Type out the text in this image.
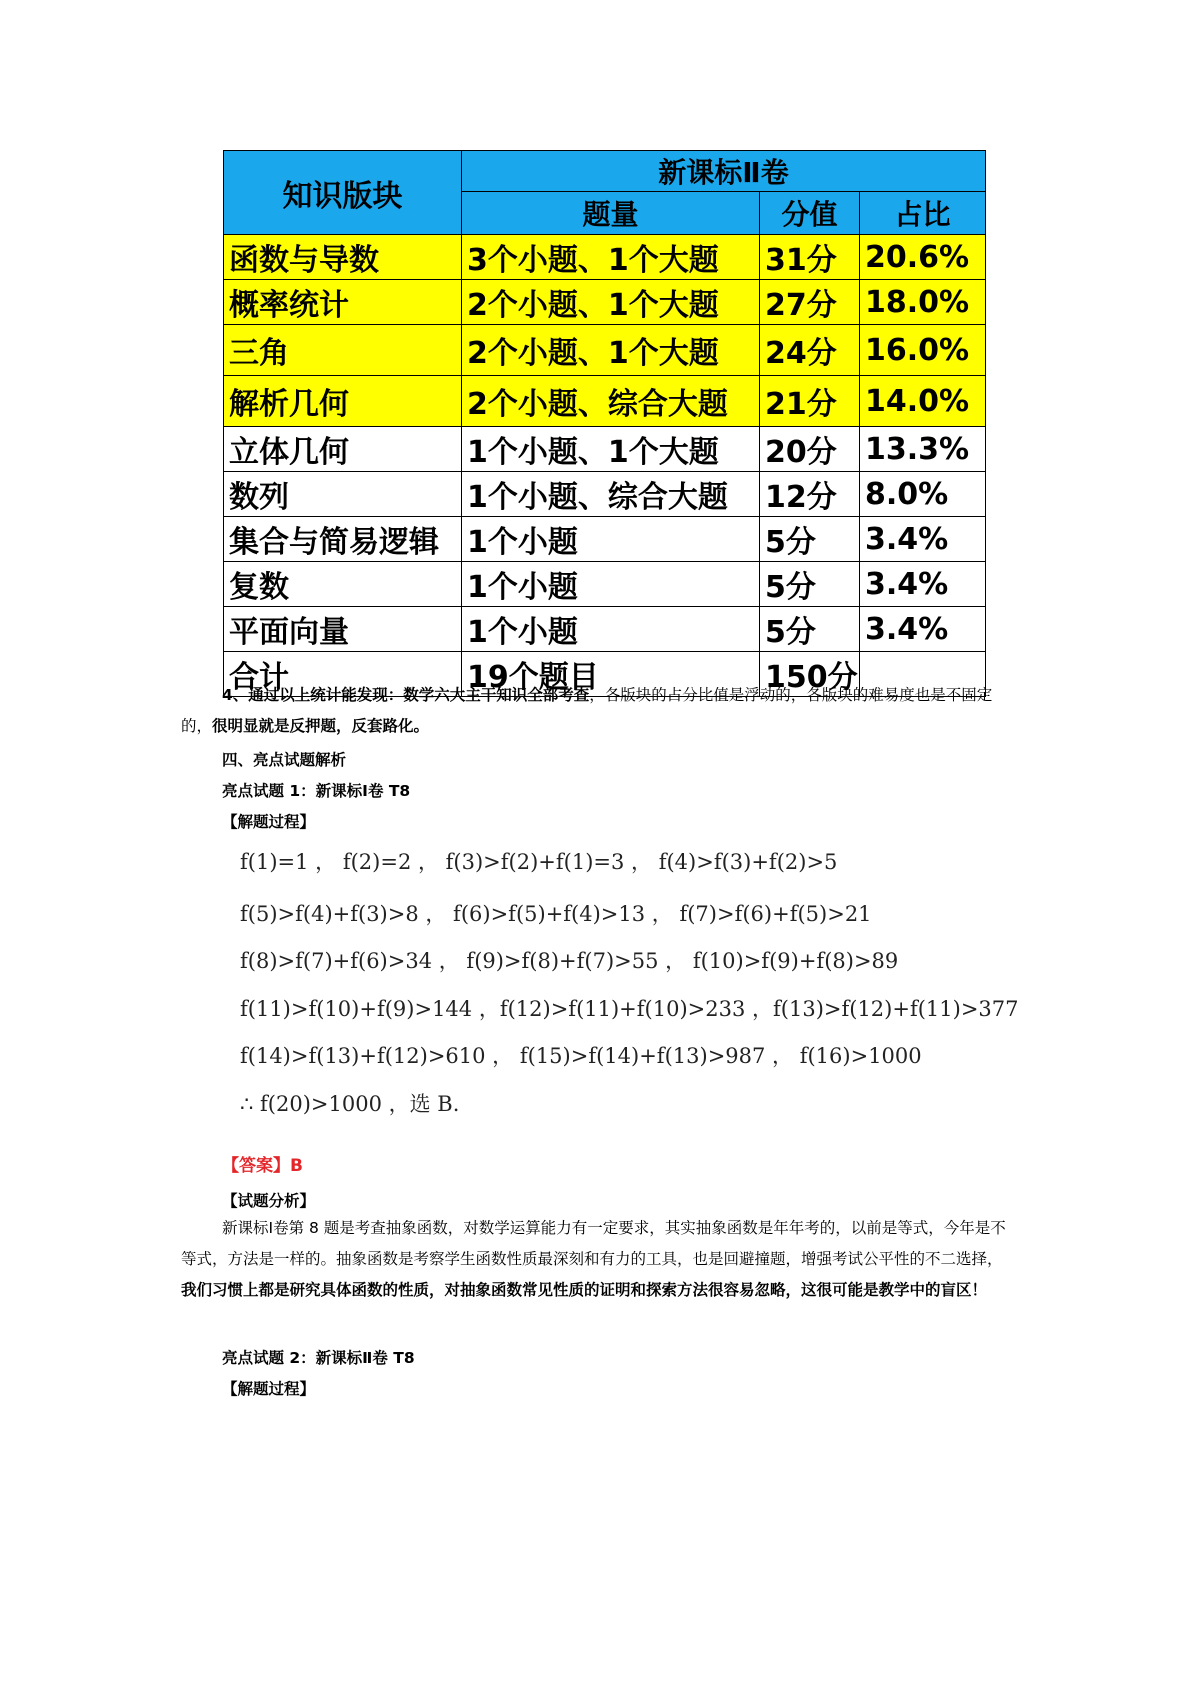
知识版块	新课标Ⅱ卷		
	题量	分值	占比
函数与导数	3个小题、1个大题	31分	20.6%
概率统计	2个小题、1个大题	27分	18.0%
三角	2个小题、1个大题	24分	16.0%
解析几何	2个小题、综合大题	21分	14.0%
立体几何	1个小题、1个大题	20分	13.3%
数列	1个小题、综合大题	12分	8.0%
集合与简易逻辑	1个小题	5分	3.4%
复数	1个小题	5分	3.4%
平面向量	1个小题	5分	3.4%
合计	19个题目	150分	
4、通过以上统计能发现：数学六大主干知识全部考查，各版块的占分比值是浮动的，各版块的难易度也是不固定的，很明显就是反押题，反套路化。
四、亮点试题解析
亮点试题 1：新课标Ⅰ卷 T8
【解题过程】
f(1)=1 ， f(2)=2 ， f(3)>f(2)+f(1)=3 ， f(4)>f(3)+f(2)>5
f(5)>f(4)+f(3)>8 ， f(6)>f(5)+f(4)>13 ， f(7)>f(6)+f(5)>21
f(8)>f(7)+f(6)>34 ， f(9)>f(8)+f(7)>55 ， f(10)>f(9)+f(8)>89
f(11)>f(10)+f(9)>144 ，f(12)>f(11)+f(10)>233 ，f(13)>f(12)+f(11)>377
f(14)>f(13)+f(12)>610 ， f(15)>f(14)+f(13)>987 ， f(16)>1000
∴ f(20)>1000 ，选 B.
【答案】B
【试题分析】
新课标Ⅰ卷第 8 题是考查抽象函数，对数学运算能力有一定要求，其实抽象函数是年年考的，以前是等式，今年是不等式，方法是一样的。抽象函数是考察学生函数性质最深刻和有力的工具，也是回避撞题，增强考试公平性的不二选择，我们习惯上都是研究具体函数的性质，对抽象函数常见性质的证明和探索方法很容易忽略，这很可能是教学中的盲区！
亮点试题 2：新课标Ⅱ卷 T8
【解题过程】
